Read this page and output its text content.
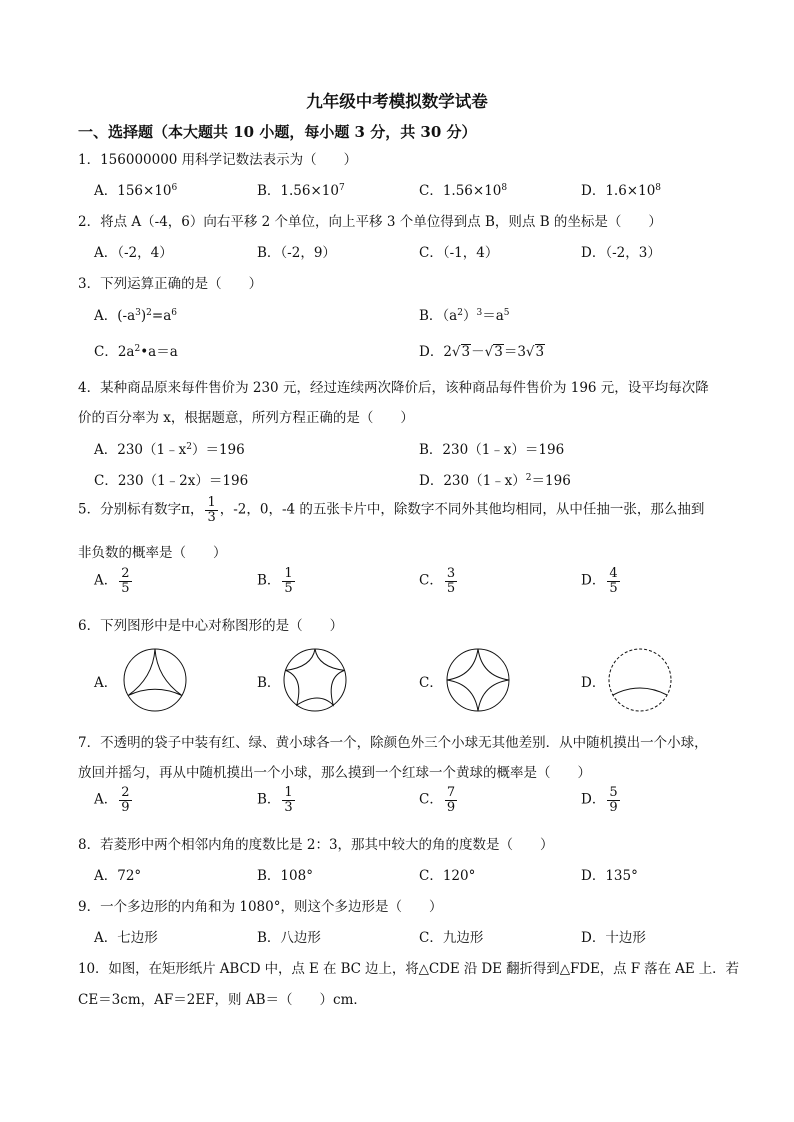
九年级中考模拟数学试卷
一、选择题（本大题共 10 小题，每小题 3 分，共 30 分）
1．156000000 用科学记数法表示为（　　）
A．$156\times 10^6$	B．$1.56\times 10^7$	C．$1.56\times 10^8$	D．$1.6\times 10^8$
2．将点 A（-4，6）向右平移 2 个单位，向上平移 3 个单位得到点 B，则点 B 的坐标是（　　）
A．（-2，4）	B．（-2，9）	C．（-1，4）	D．（-2，3）
3．下列运算正确的是（　　）
A．$(-a^3)^2=a^6$	B．$(a^2)^3=a^5$
C．$2a^2•a=a$	D．2√3－√3＝3√3
4．某种商品原来每件售价为 230 元，经过连续两次降价后，该种商品每件售价为 196 元，设平均每次降
价的百分率为 x，根据题意，所列方程正确的是（　　）
A．$230(1﹣x^2)=196$	B．230（1﹣x）＝196
C．230（1﹣2x）＝196	D．230（1﹣x）$^2$＝196
5．分别标有数字π， $\frac{1}{3}$ ，-2，0，-4 的五张卡片中，除数字不同外其他均相同，从中任抽一张，那么抽到
非负数的概率是（　　）
A． $\frac{2}{5}$	B． $\frac{1}{5}$	C． $\frac{3}{5}$	D． $\frac{4}{5}$
6．下列图形中是中心对称图形的是（　　）
A．	B．	C．	D．
7．不透明的袋子中装有红、绿、黄小球各一个，除颜色外三个小球无其他差别．从中随机摸出一个小球，
放回并摇匀，再从中随机摸出一个小球，那么摸到一个红球一个黄球的概率是（　　）
A． $\frac{2}{9}$	B． $\frac{1}{3}$	C． $\frac{7}{9}$	D． $\frac{5}{9}$
8．若菱形中两个相邻内角的度数比是 2：3，那其中较大的角的度数是（　　）
A．72°	B．108°	C．120°	D．135°
9．一个多边形的内角和为 1080°，则这个多边形是（　　）
A．七边形	B．八边形	C．九边形	D．十边形
10．如图，在矩形纸片 ABCD 中，点 E 在 BC 边上，将△CDE 沿 DE 翻折得到△FDE，点 F 落在 AE 上．若
CE＝3cm，AF＝2EF，则 AB＝（　　）cm．
